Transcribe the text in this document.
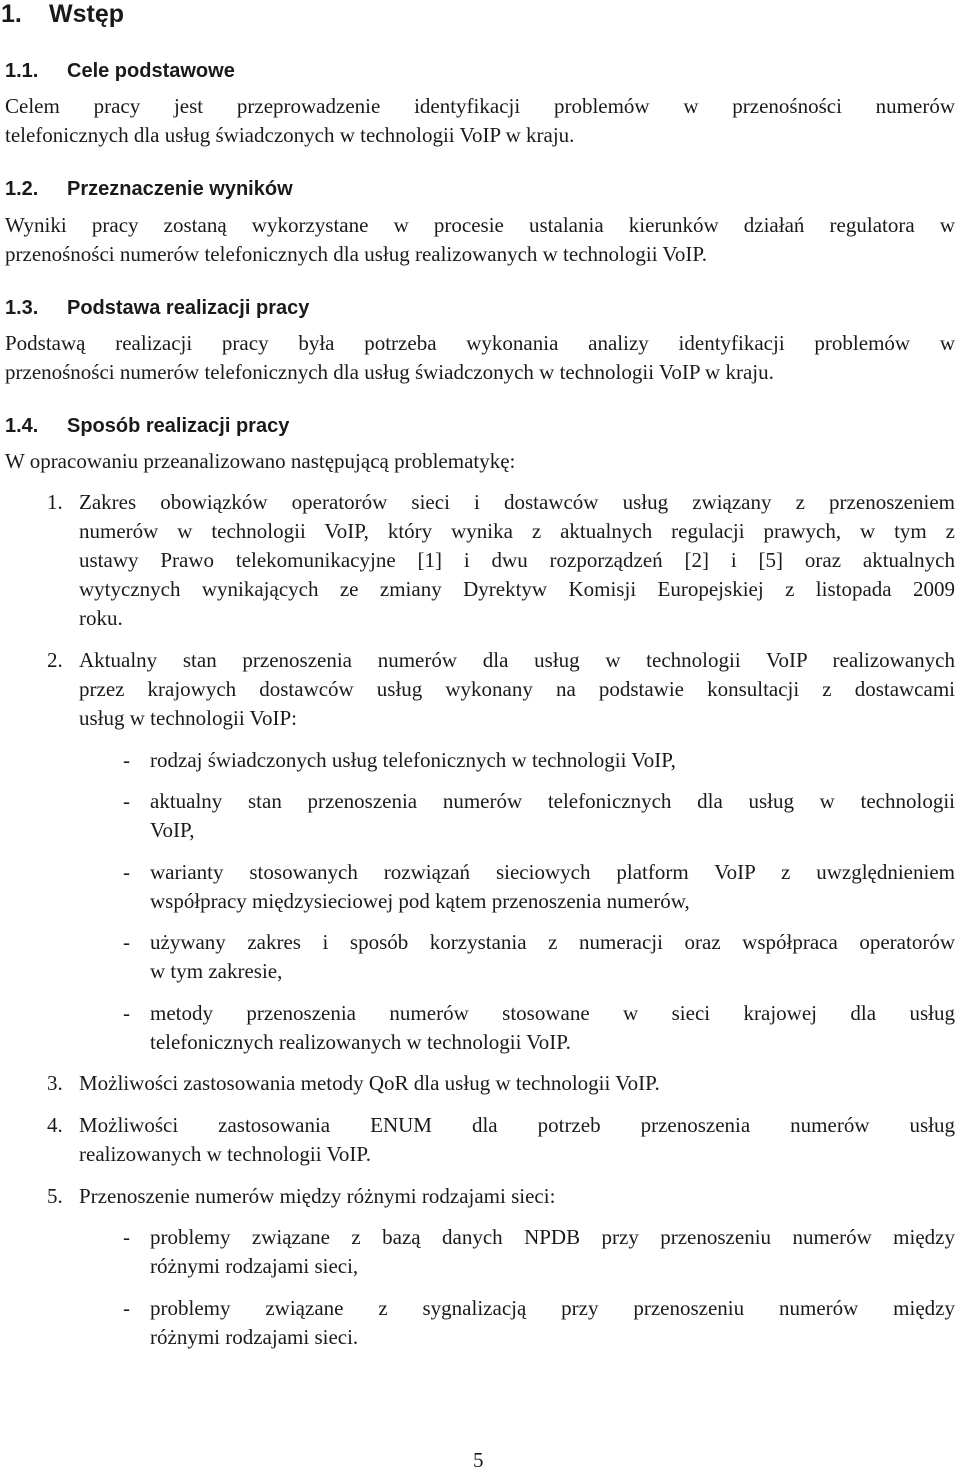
1. Wstęp
1.1. Cele podstawowe
Celem pracy jest przeprowadzenie identyfikacji problemów w przenośności numerów
telefonicznych dla usług świadczonych w technologii VoIP w kraju.
1.2. Przeznaczenie wyników
Wyniki pracy zostaną wykorzystane w procesie ustalania kierunków działań regulatora w
przenośności numerów telefonicznych dla usług realizowanych w technologii VoIP.
1.3. Podstawa realizacji pracy
Podstawą realizacji pracy była potrzeba wykonania analizy identyfikacji problemów w
przenośności numerów telefonicznych dla usług świadczonych w technologii VoIP w kraju.
1.4. Sposób realizacji pracy
W opracowaniu przeanalizowano następującą problematykę:
1. Zakres obowiązków operatorów sieci i dostawców usług związany z przenoszeniem
numerów w technologii VoIP, który wynika z aktualnych regulacji prawych, w tym z
ustawy Prawo telekomunikacyjne [1] i dwu rozporządzeń [2] i [5] oraz aktualnych
wytycznych wynikających ze zmiany Dyrektyw Komisji Europejskiej z listopada 2009
roku.
2. Aktualny stan przenoszenia numerów dla usług w technologii VoIP realizowanych
przez krajowych dostawców usług wykonany na podstawie konsultacji z dostawcami
usług w technologii VoIP:
- rodzaj świadczonych usług telefonicznych w technologii VoIP,
- aktualny stan przenoszenia numerów telefonicznych dla usług w technologii
VoIP,
- warianty stosowanych rozwiązań sieciowych platform VoIP z uwzględnieniem
współpracy międzysieciowej pod kątem przenoszenia numerów,
- używany zakres i sposób korzystania z numeracji oraz współpraca operatorów
w tym zakresie,
- metody przenoszenia numerów stosowane w sieci krajowej dla usług
telefonicznych realizowanych w technologii VoIP.
3. Możliwości zastosowania metody QoR dla usług w technologii VoIP.
4. Możliwości zastosowania ENUM dla potrzeb przenoszenia numerów usług
realizowanych w technologii VoIP.
5. Przenoszenie numerów między różnymi rodzajami sieci:
- problemy związane z bazą danych NPDB przy przenoszeniu numerów między
różnymi rodzajami sieci,
- problemy związane z sygnalizacją przy przenoszeniu numerów między
różnymi rodzajami sieci.
5
